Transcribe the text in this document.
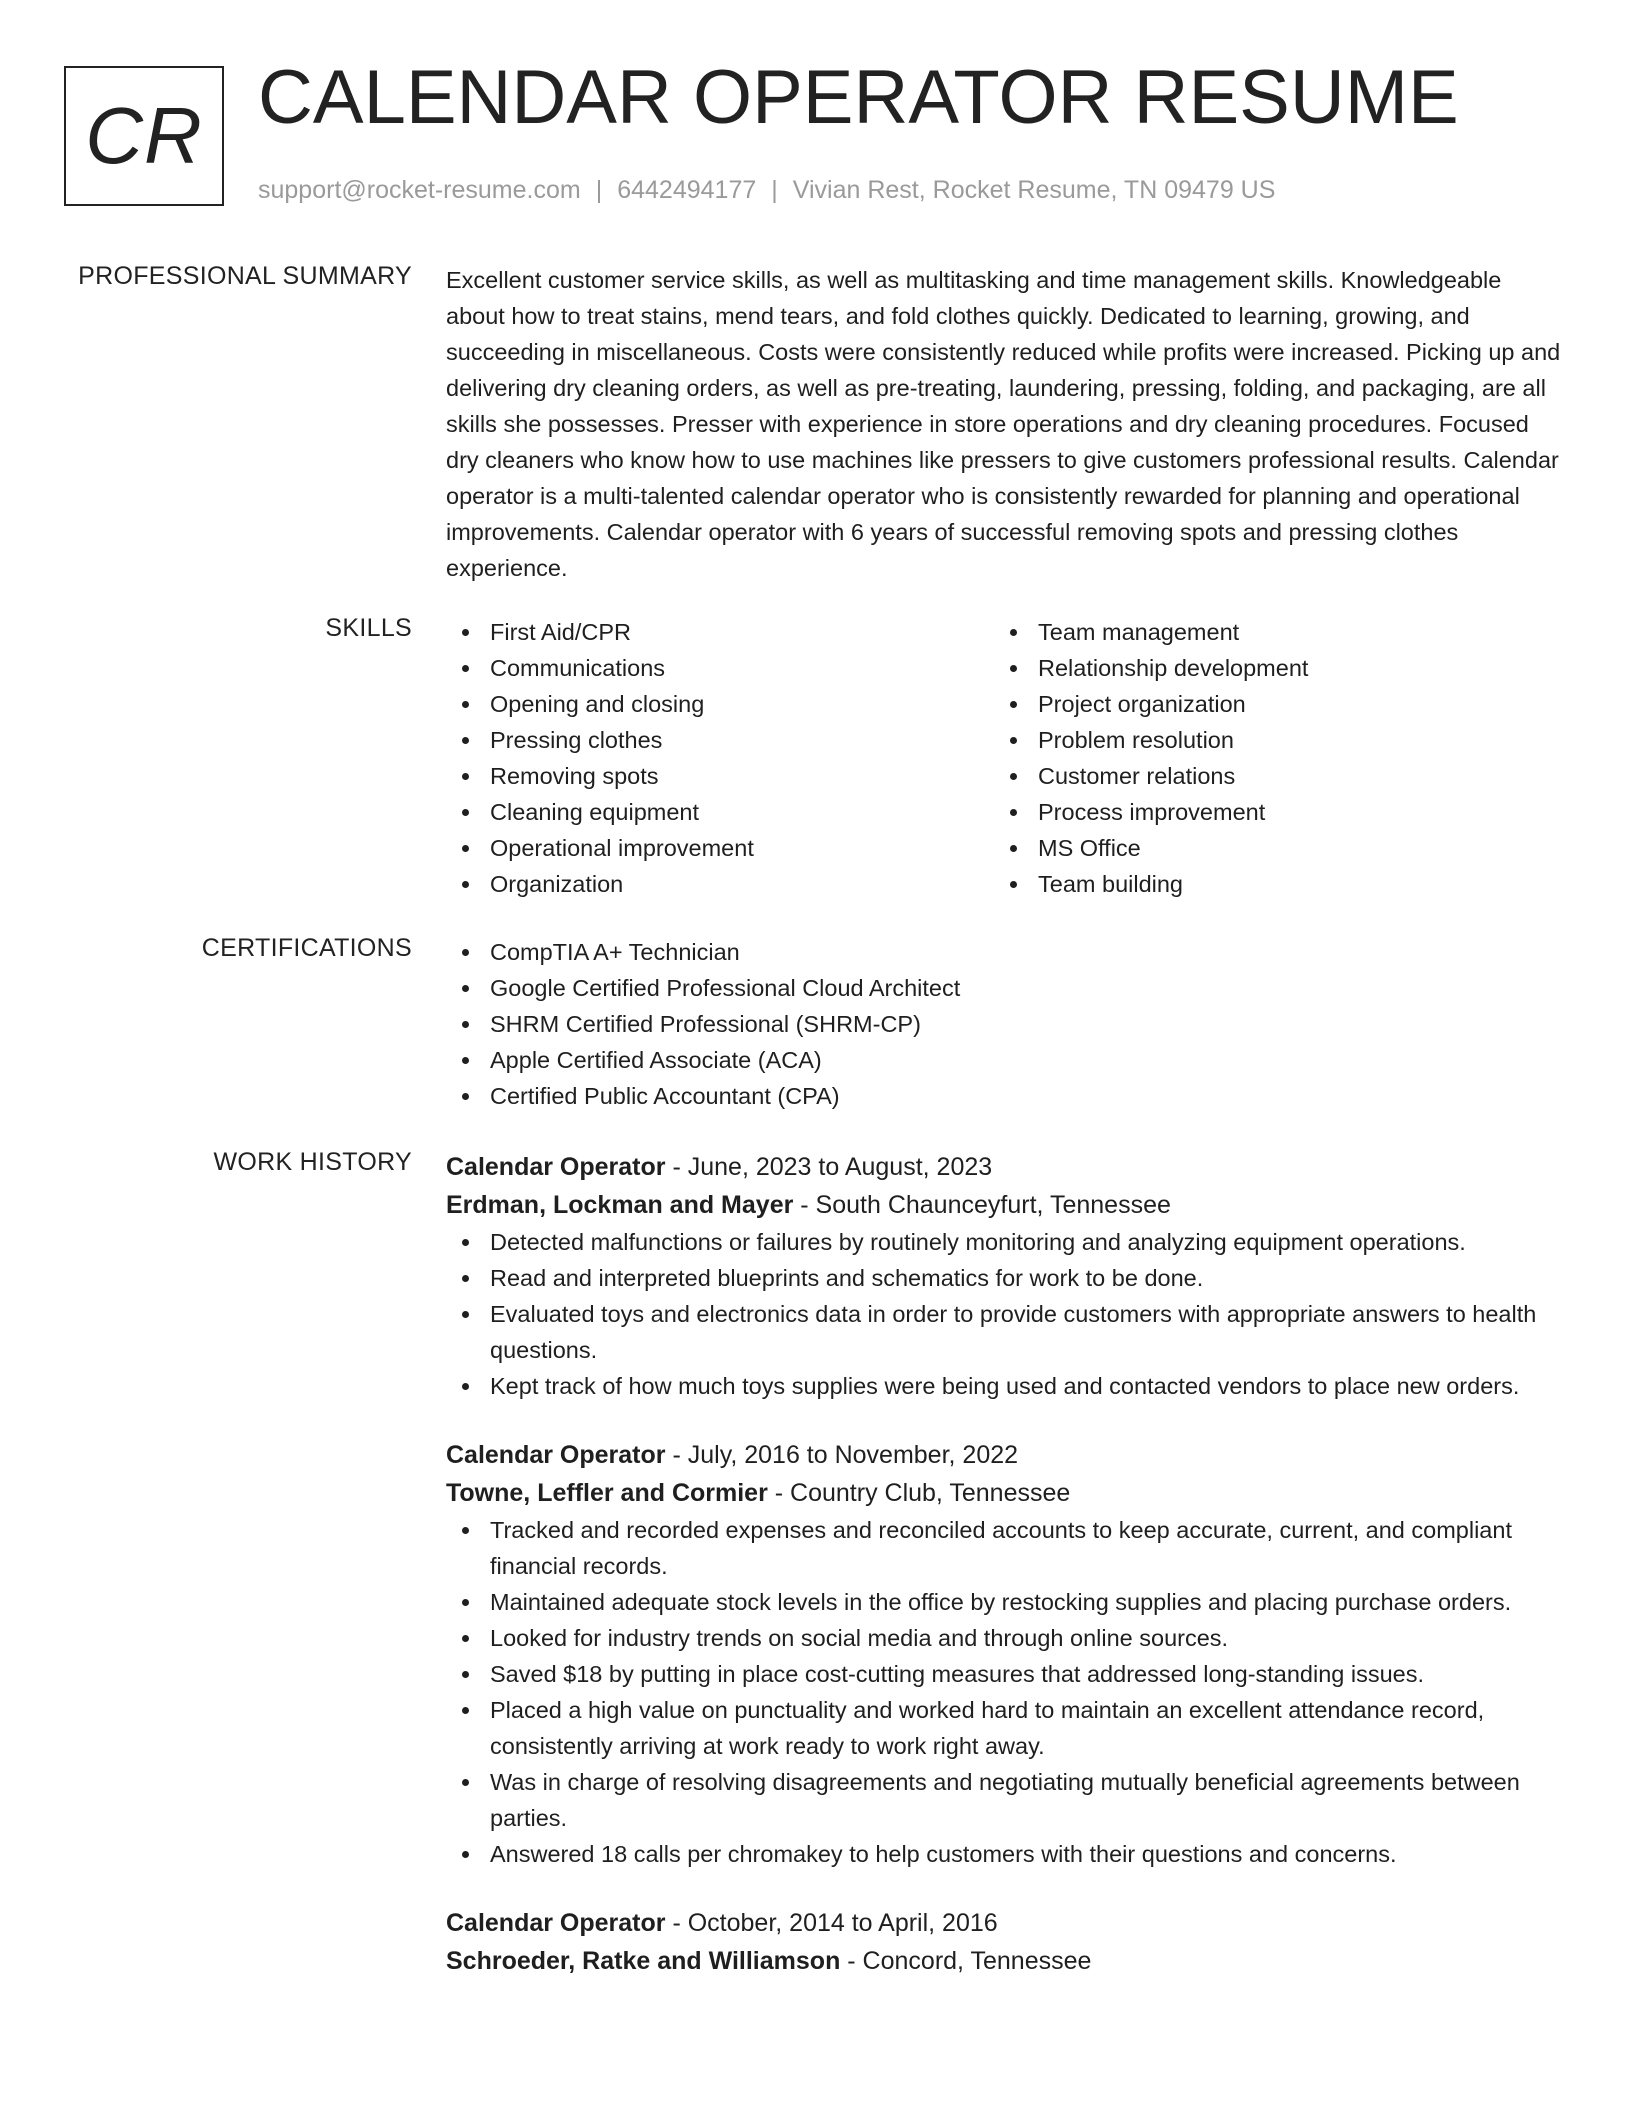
CR CALENDAR OPERATOR RESUME
support@rocket-resume.com | 6442494177 | Vivian Rest, Rocket Resume, TN 09479 US
PROFESSIONAL SUMMARY Excellent customer service skills, as well as multitasking and time management skills. Knowledgeable about how to treat stains, mend tears, and fold clothes quickly. Dedicated to learning, growing, and succeeding in miscellaneous. Costs were consistently reduced while profits were increased. Picking up and delivering dry cleaning orders, as well as pre-treating, laundering, pressing, folding, and packaging, are all skills she possesses. Presser with experience in store operations and dry cleaning procedures. Focused dry cleaners who know how to use machines like pressers to give customers professional results. Calendar operator is a multi-talented calendar operator who is consistently rewarded for planning and operational improvements. Calendar operator with 6 years of successful removing spots and pressing clothes experience.

SKILLS	First Aid/CPR
Communications
Opening and closing
Pressing clothes
Removing spots
Cleaning equipment
Operational improvement
Organization
Team management
Relationship development
Project organization
Problem resolution
Customer relations
Process improvement
MS Office
Team building
CERTIFICATIONS	CompTIA A+ Technician
Google Certified Professional Cloud Architect
SHRM Certified Professional (SHRM-CP)
Apple Certified Associate (ACA)
Certified Public Accountant (CPA)
WORK HISTORY Calendar Operator - June, 2023 to August, 2023
Erdman, Lockman and Mayer - South Chaunceyfurt, Tennessee
Detected malfunctions or failures by routinely monitoring and analyzing equipment operations.
Read and interpreted blueprints and schematics for work to be done.
Evaluated toys and electronics data in order to provide customers with appropriate answers to health questions.
Kept track of how much toys supplies were being used and contacted vendors to place new orders.
Calendar Operator - July, 2016 to November, 2022
Towne, Leffler and Cormier - Country Club, Tennessee
Tracked and recorded expenses and reconciled accounts to keep accurate, current, and compliant financial records.
Maintained adequate stock levels in the office by restocking supplies and placing purchase orders.
Looked for industry trends on social media and through online sources.
Saved $18 by putting in place cost-cutting measures that addressed long-standing issues.
Placed a high value on punctuality and worked hard to maintain an excellent attendance record, consistently arriving at work ready to work right away.
Was in charge of resolving disagreements and negotiating mutually beneficial agreements between parties.
Answered 18 calls per chromakey to help customers with their questions and concerns.
Calendar Operator - October, 2014 to April, 2016
Schroeder, Ratke and Williamson - Concord, Tennessee
